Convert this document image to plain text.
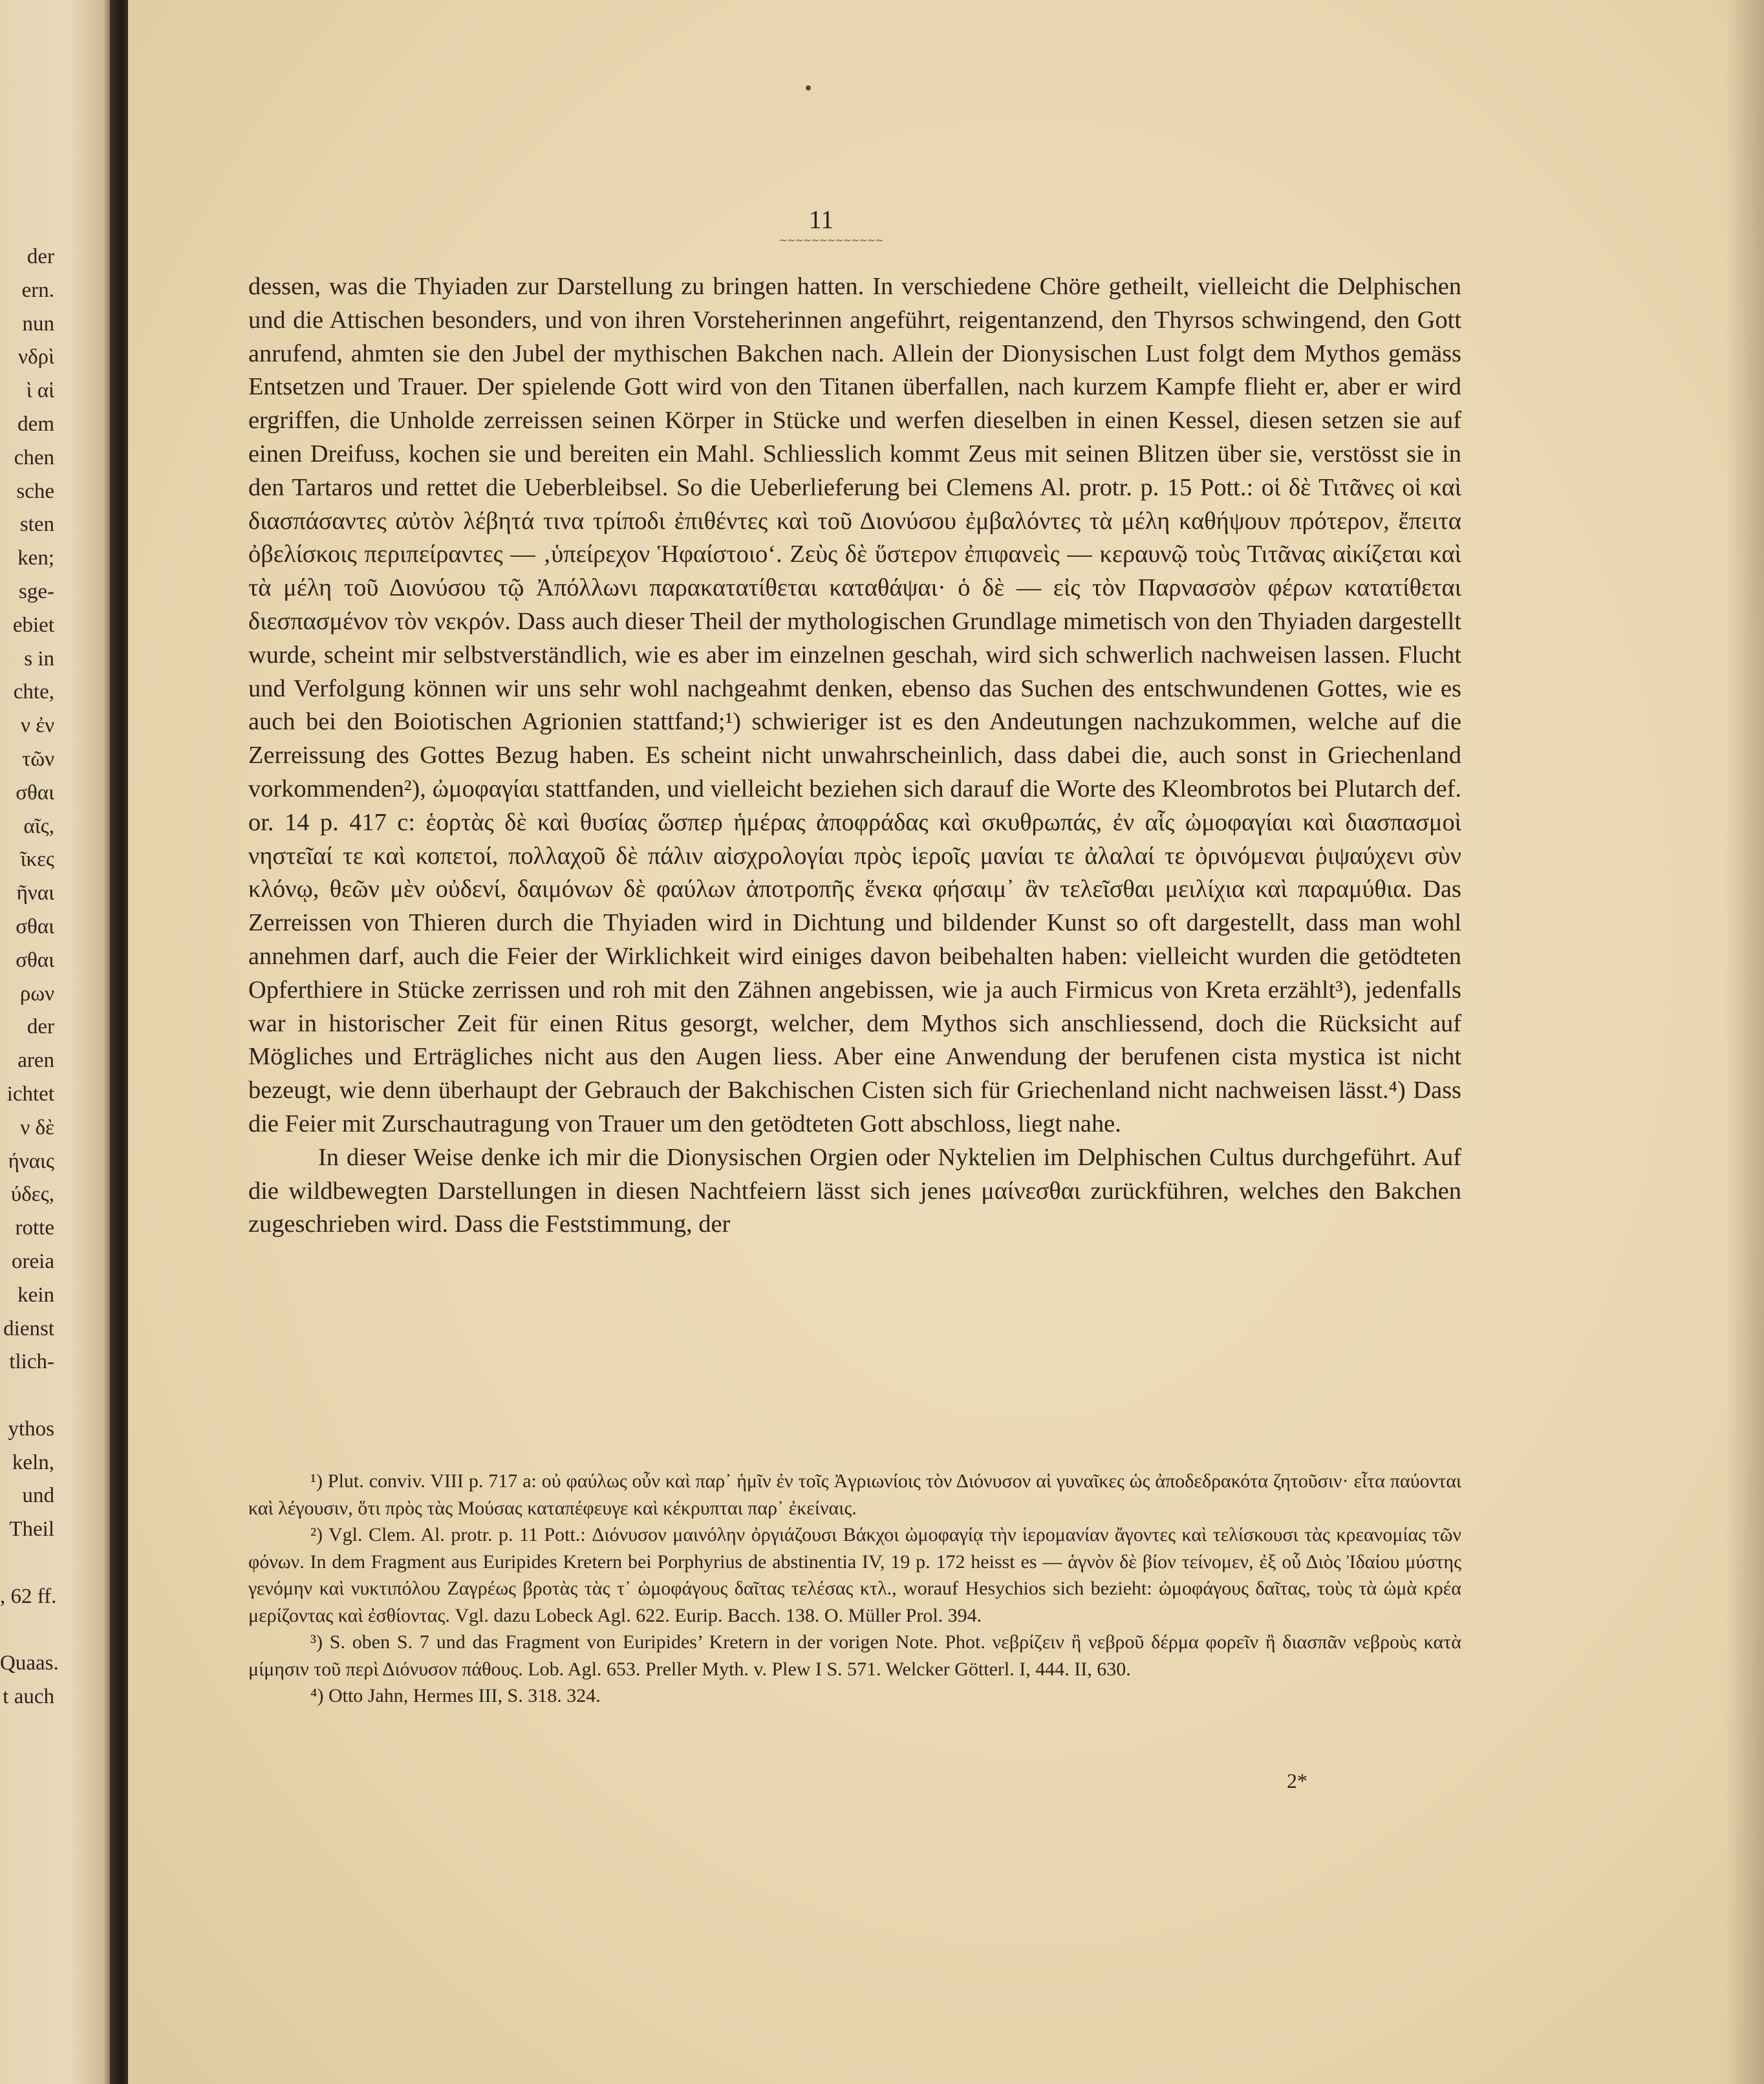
der
ern.
nun
νδρὶ
ὶ αἱ
dem
chen
sche
sten
ken;
sge-
ebiet
s in
chte,
ν ἐν
τῶν
σθαι
αῖς,
ῖκες
ῆναι
σθαι
σθαι
ρων
der
aren
ichtet
ν δὲ
ήναις
ύδες,
rotte
oreia
kein
dienst
tlich-

ythos
keln,
und
Theil

, 62 ff.

Quaas.
t auch
11
~~~~~~~~~~~~~

dessen, was die Thyiaden zur Darstellung zu bringen hatten. In verschiedene Chöre getheilt, vielleicht die Delphischen und die Attischen besonders, und von ihren Vorsteherinnen angeführt, reigentanzend, den Thyrsos schwingend, den Gott anrufend, ahmten sie den Jubel der mythischen Bakchen nach. Allein der Dionysischen Lust folgt dem Mythos gemäss Entsetzen und Trauer. Der spielende Gott wird von den Titanen überfallen, nach kurzem Kampfe flieht er, aber er wird ergriffen, die Unholde zerreissen seinen Körper in Stücke und werfen dieselben in einen Kessel, diesen setzen sie auf einen Dreifuss, kochen sie und bereiten ein Mahl. Schliesslich kommt Zeus mit seinen Blitzen über sie, verstösst sie in den Tartaros und rettet die Ueberbleibsel. So die Ueberlieferung bei Clemens Al. protr. p. 15 Pott.: οἱ δὲ Τιτᾶνες οἱ καὶ διασπάσαντες αὐτὸν λέβητά τινα τρίποδι ἐπιθέντες καὶ τοῦ Διονύσου ἐμβαλόντες τὰ μέλη καθήψουν πρότερον, ἔπειτα ὀβελίσκοις περιπείραντες — ‚ὑπείρεχον Ἡφαίστοιο‘. Ζεὺς δὲ ὕστερον ἐπιφανεὶς — κεραυνῷ τοὺς Τιτᾶνας αἰκίζεται καὶ τὰ μέλη τοῦ Διονύσου τῷ Ἀπόλλωνι παρακατατίθεται καταθάψαι· ὁ δὲ — εἰς τὸν Παρνασσὸν φέρων κατατίθεται διεσπασμένον τὸν νεκρόν. Dass auch dieser Theil der mythologischen Grundlage mimetisch von den Thyiaden dargestellt wurde, scheint mir selbstverständlich, wie es aber im einzelnen geschah, wird sich schwerlich nachweisen lassen. Flucht und Verfolgung können wir uns sehr wohl nachgeahmt denken, ebenso das Suchen des entschwundenen Gottes, wie es auch bei den Boiotischen Agrionien stattfand;¹) schwieriger ist es den Andeutungen nachzukommen, welche auf die Zerreissung des Gottes Bezug haben. Es scheint nicht unwahrscheinlich, dass dabei die, auch sonst in Griechenland vorkommenden²), ὠμοφαγίαι stattfanden, und vielleicht beziehen sich darauf die Worte des Kleombrotos bei Plutarch def. or. 14 p. 417 c: ἑορτὰς δὲ καὶ θυσίας ὥσπερ ἡμέρας ἀποφράδας καὶ σκυθρωπάς, ἐν αἷς ὠμοφαγίαι καὶ διασπασμοὶ νηστεῖαί τε καὶ κοπετοί, πολλαχοῦ δὲ πάλιν αἰσχρολογίαι πρὸς ἱεροῖς μανίαι τε ἀλαλαί τε ὀρινόμεναι ῥιψαύχενι σὺν κλόνῳ, θεῶν μὲν οὐδενί, δαιμόνων δὲ φαύλων ἀποτροπῆς ἕνεκα φήσαιμ᾽ ἂν τελεῖσθαι μειλίχια καὶ παραμύθια. Das Zerreissen von Thieren durch die Thyiaden wird in Dichtung und bildender Kunst so oft dargestellt, dass man wohl annehmen darf, auch die Feier der Wirklichkeit wird einiges davon beibehalten haben: vielleicht wurden die getödteten Opferthiere in Stücke zerrissen und roh mit den Zähnen angebissen, wie ja auch Firmicus von Kreta erzählt³), jedenfalls war in historischer Zeit für einen Ritus gesorgt, welcher, dem Mythos sich anschliessend, doch die Rücksicht auf Mögliches und Erträgliches nicht aus den Augen liess. Aber eine Anwendung der berufenen cista mystica ist nicht bezeugt, wie denn überhaupt der Gebrauch der Bakchischen Cisten sich für Griechenland nicht nachweisen lässt.⁴) Dass die Feier mit Zurschautragung von Trauer um den getödteten Gott abschloss, liegt nahe.

In dieser Weise denke ich mir die Dionysischen Orgien oder Nyktelien im Delphischen Cultus durchgeführt. Auf die wildbewegten Darstellungen in diesen Nachtfeiern lässt sich jenes μαίνεσθαι zurückführen, welches den Bakchen zugeschrieben wird. Dass die Feststimmung, der

¹) Plut. conviv. VIII p. 717 a: οὐ φαύλως οὖν καὶ παρ᾽ ἡμῖν ἐν τοῖς Ἀγριωνίοις τὸν Διόνυσον αἱ γυναῖκες ὡς ἀποδεδρακότα ζητοῦσιν· εἶτα παύονται καὶ λέγουσιν, ὅτι πρὸς τὰς Μούσας καταπέφευγε καὶ κέκρυπται παρ᾽ ἐκείναις.

²) Vgl. Clem. Al. protr. p. 11 Pott.: Διόνυσον μαινόλην ὀργιάζουσι Βάκχοι ὠμοφαγίᾳ τὴν ἱερομανίαν ἄγοντες καὶ τελίσκουσι τὰς κρεανομίας τῶν φόνων. In dem Fragment aus Euripides Kretern bei Porphyrius de abstinentia IV, 19 p. 172 heisst es — ἁγνὸν δὲ βίον τείνομεν, ἐξ οὗ Διὸς Ἰδαίου μύστης γενόμην καὶ νυκτιπόλου Ζαγρέως βροτὰς τὰς τ᾽ ὠμοφάγους δαῖτας τελέσας κτλ., worauf Hesychios sich bezieht: ὠμοφάγους δαῖτας, τοὺς τὰ ὠμὰ κρέα μερίζοντας καὶ ἐσθίοντας. Vgl. dazu Lobeck Agl. 622. Eurip. Bacch. 138. O. Müller Prol. 394.

³) S. oben S. 7 und das Fragment von Euripides’ Kretern in der vorigen Note. Phot. νεβρίζειν ἢ νεβροῦ δέρμα φορεῖν ἢ διασπᾶν νεβροὺς κατὰ μίμησιν τοῦ περὶ Διόνυσον πάθους. Lob. Agl. 653. Preller Myth. v. Plew I S. 571. Welcker Götterl. I, 444. II, 630.

⁴) Otto Jahn, Hermes III, S. 318. 324.

2*
